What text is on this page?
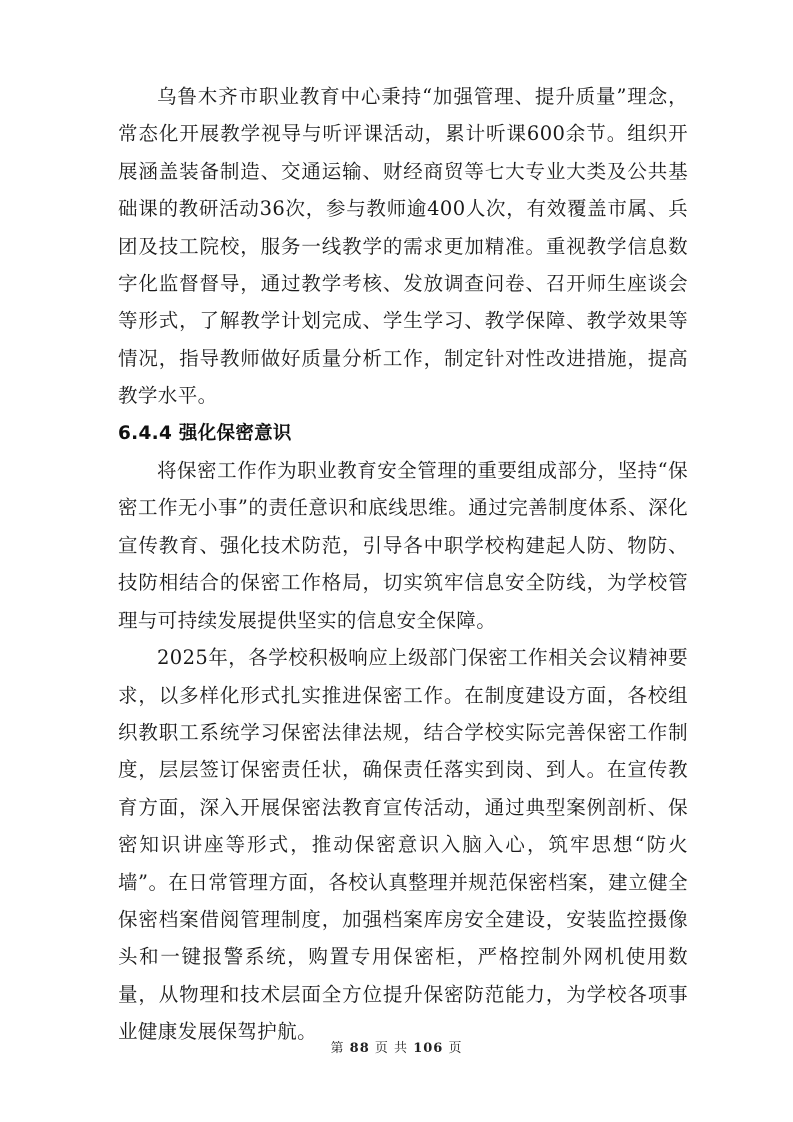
乌鲁木齐市职业教育中心秉持“加强管理、提升质量”理念，常态化开展教学视导与听评课活动，累计听课600余节。组织开展涵盖装备制造、交通运输、财经商贸等七大专业大类及公共基础课的教研活动36次，参与教师逾400人次，有效覆盖市属、兵团及技工院校，服务一线教学的需求更加精准。重视教学信息数字化监督督导，通过教学考核、发放调查问卷、召开师生座谈会等形式，了解教学计划完成、学生学习、教学保障、教学效果等情况，指导教师做好质量分析工作，制定针对性改进措施，提高教学水平。

6.4.4 强化保密意识

将保密工作作为职业教育安全管理的重要组成部分，坚持“保密工作无小事”的责任意识和底线思维。通过完善制度体系、深化宣传教育、强化技术防范，引导各中职学校构建起人防、物防、技防相结合的保密工作格局，切实筑牢信息安全防线，为学校管理与可持续发展提供坚实的信息安全保障。

2025年，各学校积极响应上级部门保密工作相关会议精神要求，以多样化形式扎实推进保密工作。在制度建设方面，各校组织教职工系统学习保密法律法规，结合学校实际完善保密工作制度，层层签订保密责任状，确保责任落实到岗、到人。在宣传教育方面，深入开展保密法教育宣传活动，通过典型案例剖析、保密知识讲座等形式，推动保密意识入脑入心，筑牢思想“防火墙”。在日常管理方面，各校认真整理并规范保密档案，建立健全保密档案借阅管理制度，加强档案库房安全建设，安装监控摄像头和一键报警系统，购置专用保密柜，严格控制外网机使用数量，从物理和技术层面全方位提升保密防范能力，为学校各项事业健康发展保驾护航。

第 88 页 共 106 页
